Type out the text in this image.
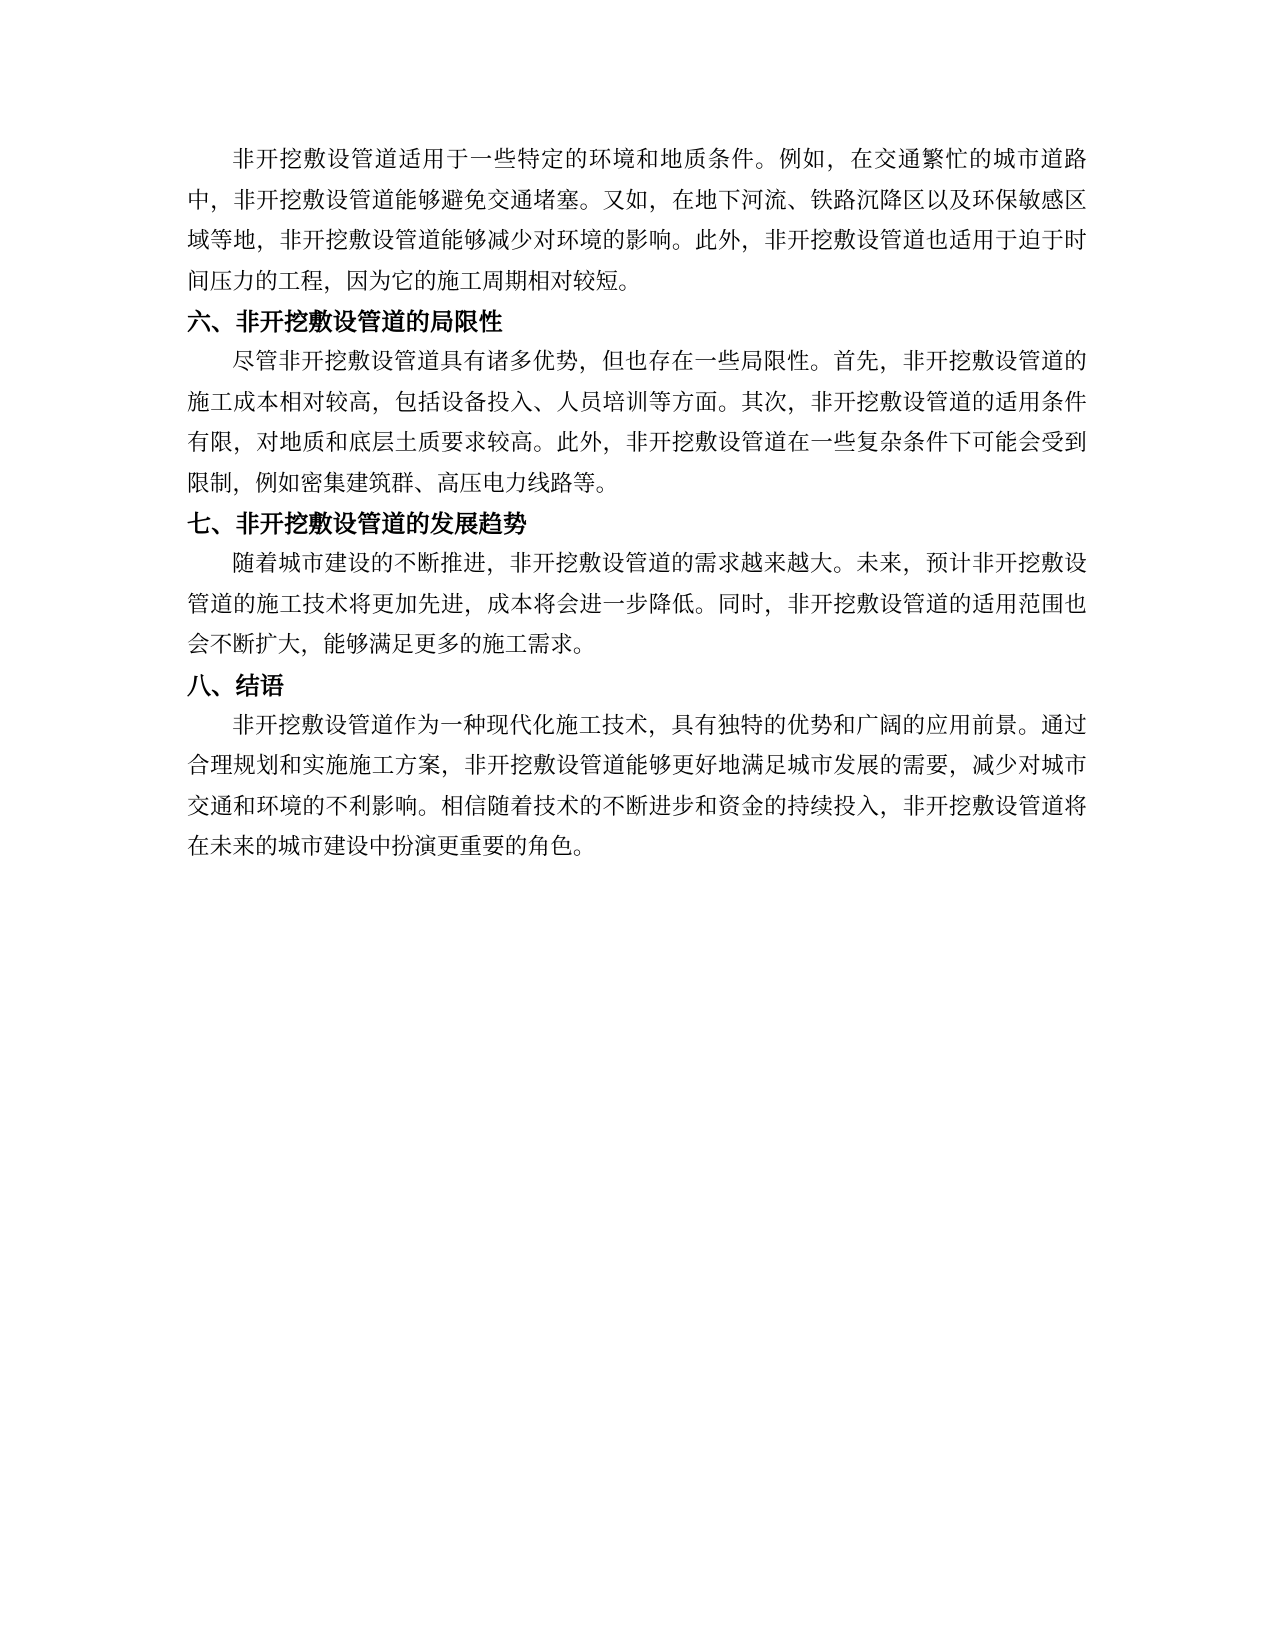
非开挖敷设管道适用于一些特定的环境和地质条件。例如，在交通繁忙的城市道路中，非开挖敷设管道能够避免交通堵塞。又如，在地下河流、铁路沉降区以及环保敏感区域等地，非开挖敷设管道能够减少对环境的影响。此外，非开挖敷设管道也适用于迫于时间压力的工程，因为它的施工周期相对较短。

六、非开挖敷设管道的局限性

尽管非开挖敷设管道具有诸多优势，但也存在一些局限性。首先，非开挖敷设管道的施工成本相对较高，包括设备投入、人员培训等方面。其次，非开挖敷设管道的适用条件有限，对地质和底层土质要求较高。此外，非开挖敷设管道在一些复杂条件下可能会受到限制，例如密集建筑群、高压电力线路等。

七、非开挖敷设管道的发展趋势

随着城市建设的不断推进，非开挖敷设管道的需求越来越大。未来，预计非开挖敷设管道的施工技术将更加先进，成本将会进一步降低。同时，非开挖敷设管道的适用范围也会不断扩大，能够满足更多的施工需求。

八、结语

非开挖敷设管道作为一种现代化施工技术，具有独特的优势和广阔的应用前景。通过合理规划和实施施工方案，非开挖敷设管道能够更好地满足城市发展的需要，减少对城市交通和环境的不利影响。相信随着技术的不断进步和资金的持续投入，非开挖敷设管道将在未来的城市建设中扮演更重要的角色。
